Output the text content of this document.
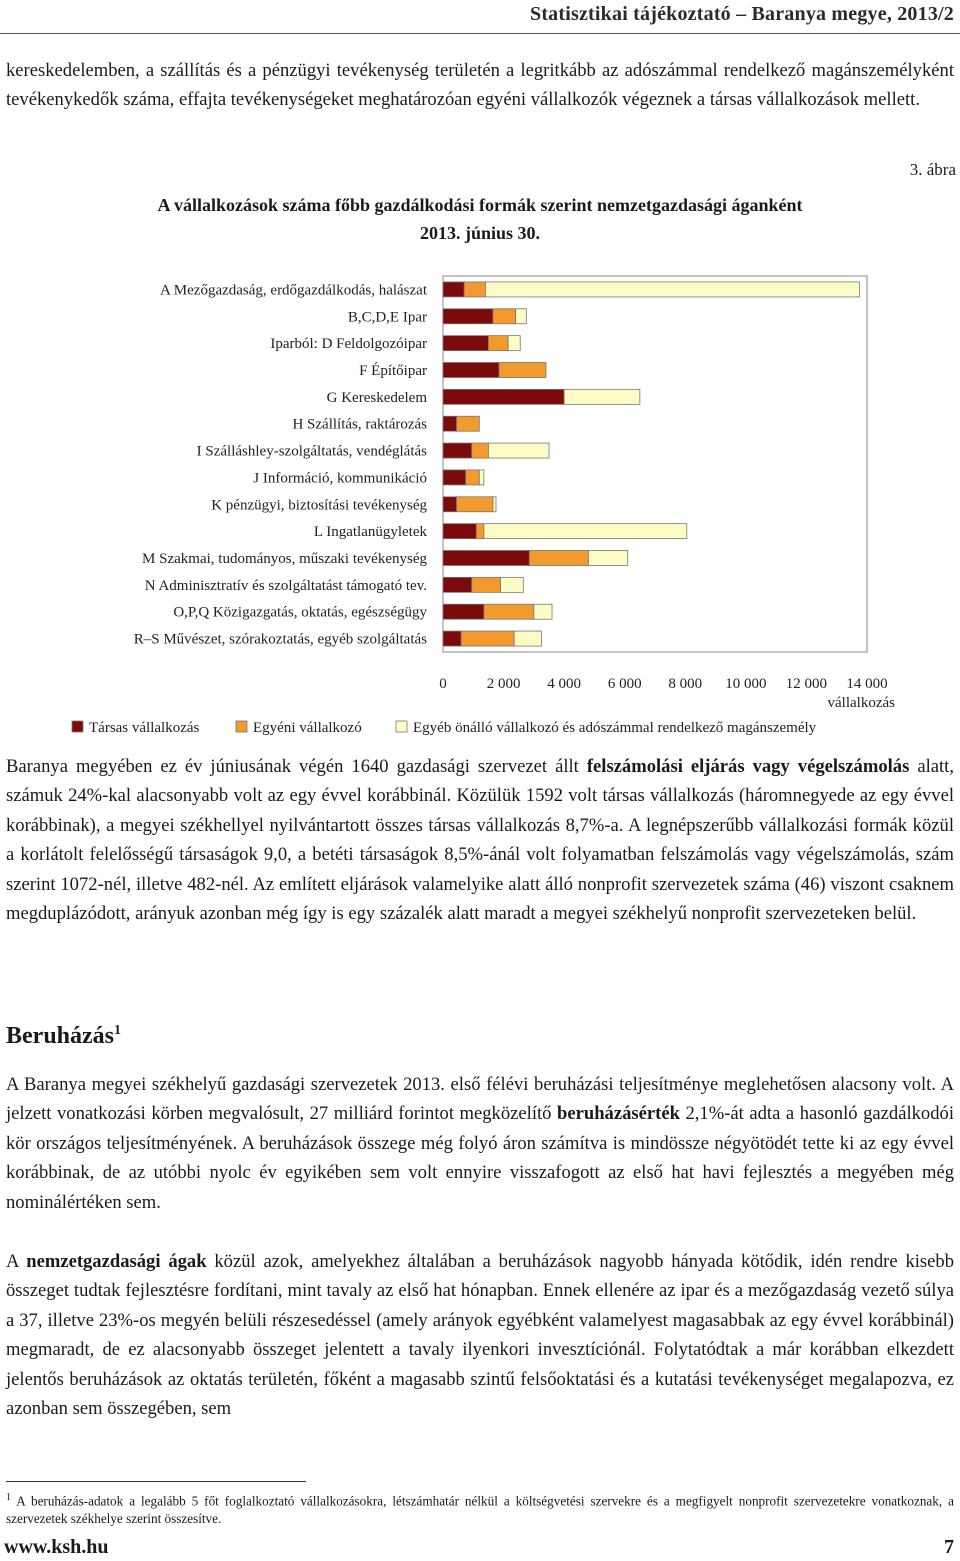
Statisztikai tájékoztató – Baranya megye, 2013/2
kereskedelemben, a szállítás és a pénzügyi tevékenység területén a legritkább az adószámmal rendelkező magánszemélyként tevékenykedők száma, effajta tevékenységeket meghatározóan egyéni vállalkozók végeznek a társas vállalkozások mellett.
3. ábra
A vállalkozások száma főbb gazdálkodási formák szerint nemzetgazdasági áganként
2013. június 30.
A Mezőgazdaság, erdőgazdálkodás, halászat
B,C,D,E Ipar
Iparból: D Feldolgozóipar
F Építőipar
G Kereskedelem
H Szállítás, raktározás
I Szálláshley-szolgáltatás, vendéglátás
J Információ, kommunikáció
K pénzügyi, biztosítási tevékenység
L Ingatlanügyletek
M Szakmai, tudományos, műszaki tevékenység
N Adminisztratív és szolgáltatást támogató tev.
O,P,Q Közigazgatás, oktatás, egészségügy
R–S Művészet, szórakoztatás, egyéb szolgáltatás
0	2 000 4 000 6 000 8 000 10 000 12 000 14 000
vállalkozás
Társas vállalkozás	Egyéni vállalkozó	Egyéb önálló vállalkozó és adószámmal rendelkező magánszemély
Baranya megyében ez év júniusának végén 1640 gazdasági szervezet állt felszámolási eljárás vagy végelszámolás alatt, számuk 24%-kal alacsonyabb volt az egy évvel korábbinál. Közülük 1592 volt társas vállalkozás (háromnegyede az egy évvel korábbinak), a megyei székhellyel nyilvántartott összes társas vállalkozás 8,7%-a. A legnépszerűbb vállalkozási formák közül a korlátolt felelősségű társaságok 9,0, a betéti társaságok 8,5%-ánál volt folyamatban felszámolás vagy végelszámolás, szám szerint 1072-nél, illetve 482-nél. Az említett eljárások valamelyike alatt álló nonprofit szervezetek száma (46) viszont csaknem megduplázódott, arányuk azonban még így is egy százalék alatt maradt a megyei székhelyű nonprofit szervezeteken belül.
Beruházás$^1$
A Baranya megyei székhelyű gazdasági szervezetek 2013. első félévi beruházási teljesítménye meglehetősen alacsony volt. A jelzett vonatkozási körben megvalósult, 27 milliárd forintot megközelítő beruházásérték 2,1%-át adta a hasonló gazdálkodói kör országos teljesítményének. A beruházások összege még folyó áron számítva is mindössze négyötödét tette ki az egy évvel korábbinak, de az utóbbi nyolc év egyikében sem volt ennyire visszafogott az első hat havi fejlesztés a megyében még nominálértéken sem.
A nemzetgazdasági ágak közül azok, amelyekhez általában a beruházások nagyobb hányada kötődik, idén rendre kisebb összeget tudtak fejlesztésre fordítani, mint tavaly az első hat hónapban. Ennek ellenére az ipar és a mezőgazdaság vezető súlya a 37, illetve 23%-os megyén belüli részesedéssel (amely arányok egyébként valamelyest magasabbak az egy évvel korábbinál) megmaradt, de ez alacsonyabb összeget jelentett a tavaly ilyenkori invesztíciónál. Folytatódtak a már korábban elkezdett jelentős beruházások az oktatás területén, főként a magasabb szintű felsőoktatási és a kutatási tevékenységet megalapozva, ez azonban sem összegében, sem
$^1$ A beruházás-adatok a legalább 5 főt foglalkoztató vállalkozásokra, létszámhatár nélkül a költségvetési szervekre és a megfigyelt nonprofit szervezetekre vonatkoznak, a szervezetek székhelye szerint összesítve.
www.ksh.hu	7
